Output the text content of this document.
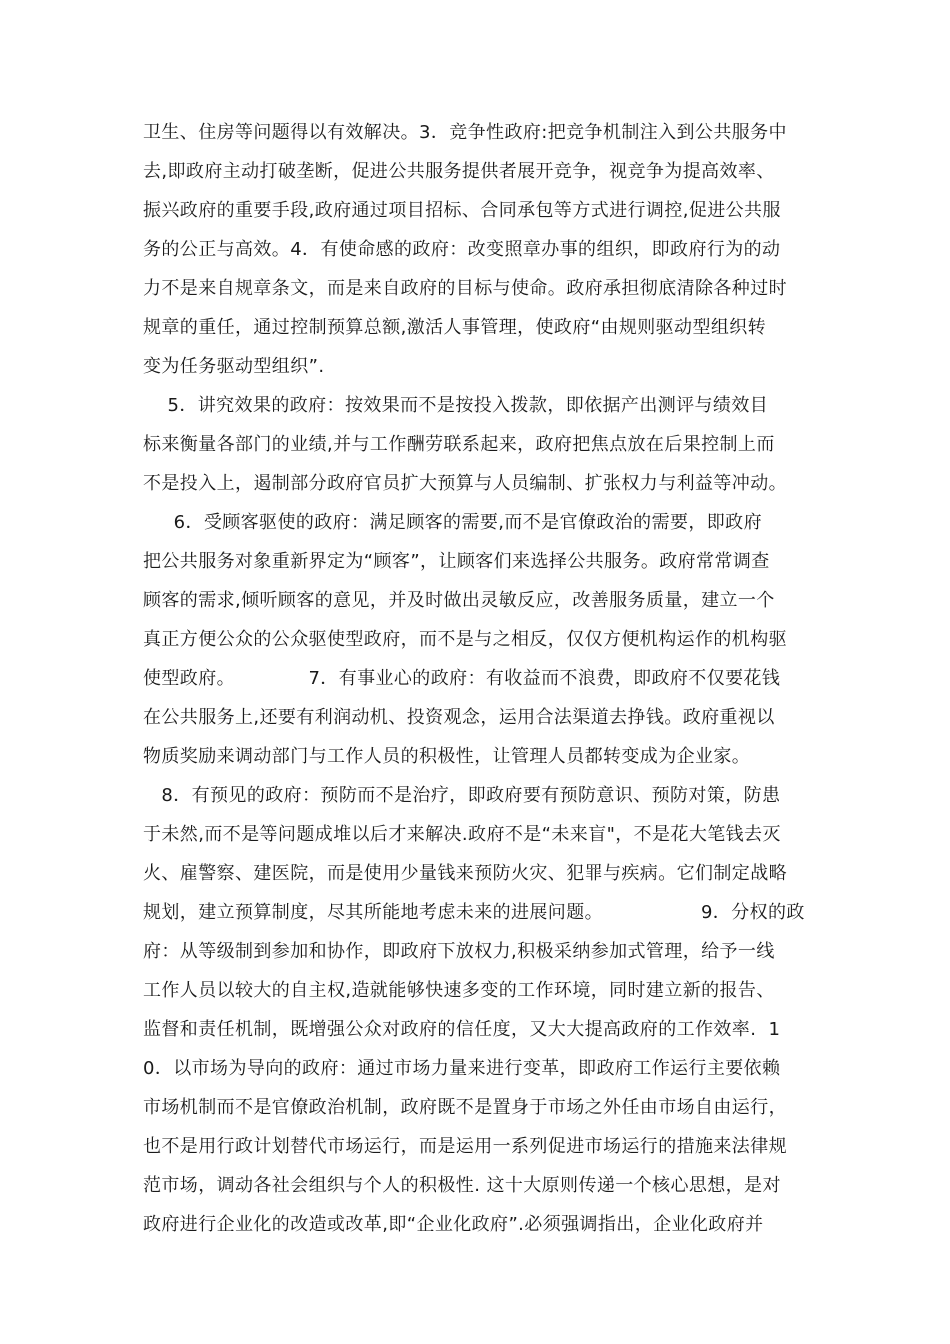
卫生、住房等问题得以有效解决。3．竞争性政府:把竞争机制注入到公共服务中
去,即政府主动打破垄断，促进公共服务提供者展开竞争，视竞争为提高效率、
振兴政府的重要手段,政府通过项目招标、合同承包等方式进行调控,促进公共服
务的公正与高效。4．有使命感的政府：改变照章办事的组织，即政府行为的动
力不是来自规章条文，而是来自政府的目标与使命。政府承担彻底清除各种过时
规章的重任，通过控制预算总额,激活人事管理，使政府“由规则驱动型组织转
变为任务驱动型组织”.
5．讲究效果的政府：按效果而不是按投入拨款，即依据产出测评与绩效目
标来衡量各部门的业绩,并与工作酬劳联系起来，政府把焦点放在后果控制上而
不是投入上，遏制部分政府官员扩大预算与人员编制、扩张权力与利益等冲动。
6．受顾客驱使的政府：满足顾客的需要,而不是官僚政治的需要，即政府
把公共服务对象重新界定为“顾客”，让顾客们来选择公共服务。政府常常调查
顾客的需求,倾听顾客的意见，并及时做出灵敏反应，改善服务质量，建立一个
真正方便公众的公众驱使型政府，而不是与之相反，仅仅方便机构运作的机构驱
使型政府。            7．有事业心的政府：有收益而不浪费，即政府不仅要花钱
在公共服务上,还要有利润动机、投资观念，运用合法渠道去挣钱。政府重视以
物质奖励来调动部门与工作人员的积极性，让管理人员都转变成为企业家。
8．有预见的政府：预防而不是治疗，即政府要有预防意识、预防对策，防患
于未然,而不是等问题成堆以后才来解决.政府不是“未来盲"，不是花大笔钱去灭
火、雇警察、建医院，而是使用少量钱来预防火灾、犯罪与疾病。它们制定战略
规划，建立预算制度，尽其所能地考虑未来的进展问题。                9．分权的政
府：从等级制到参加和协作，即政府下放权力,积极采纳参加式管理，给予一线
工作人员以较大的自主权,造就能够快速多变的工作环境，同时建立新的报告、
监督和责任机制，既增强公众对政府的信任度，又大大提高政府的工作效率.  1
0．以市场为导向的政府：通过市场力量来进行变革，即政府工作运行主要依赖
市场机制而不是官僚政治机制，政府既不是置身于市场之外任由市场自由运行，
也不是用行政计划替代市场运行，而是运用一系列促进市场运行的措施来法律规
范市场，调动各社会组织与个人的积极性. 这十大原则传递一个核心思想，是对
政府进行企业化的改造或改革,即“企业化政府”.必须强调指出，企业化政府并
